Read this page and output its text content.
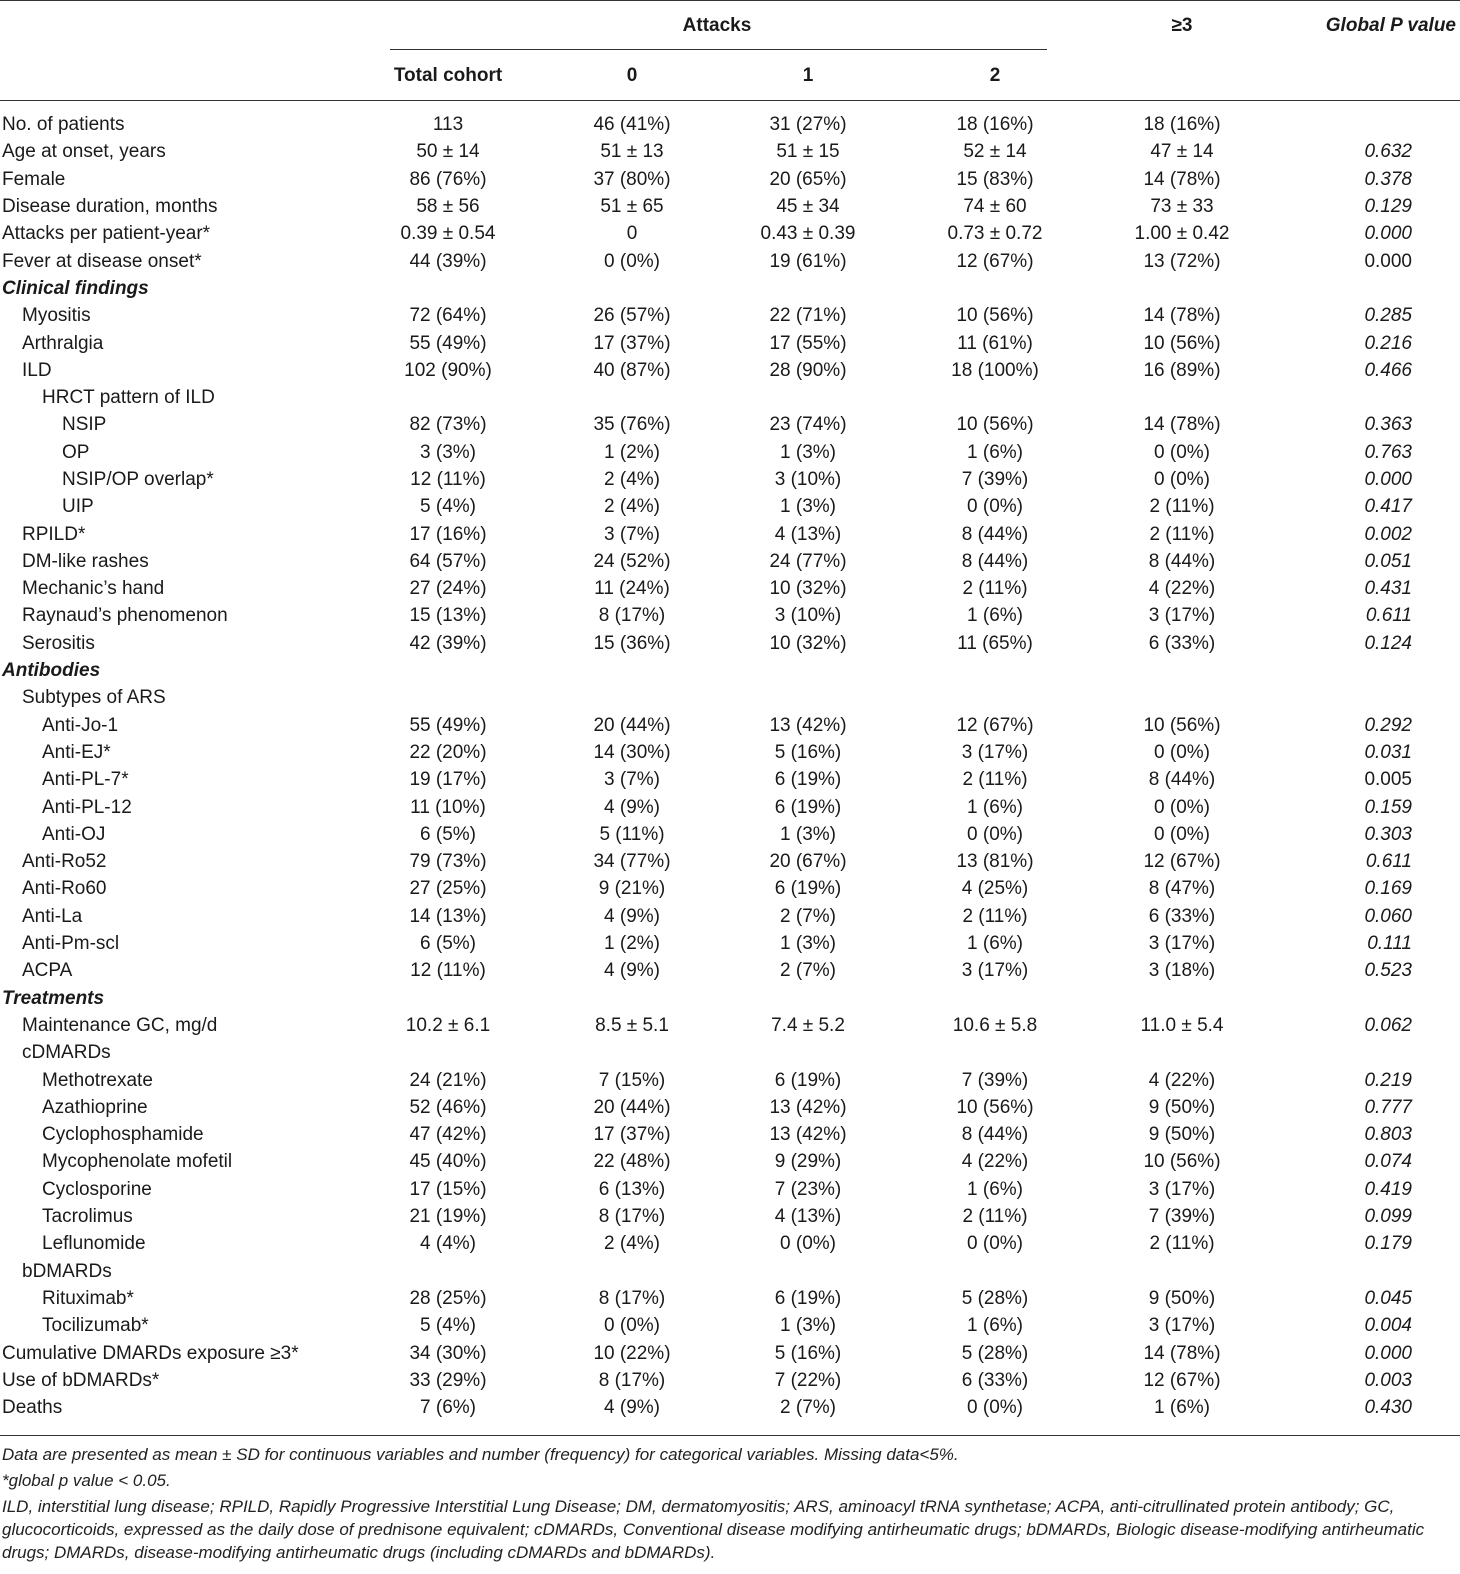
Attacks	≥3	Global P value
Total cohort	0	1	2
No. of patients	113	46 (41%)	31 (27%)	18 (16%)	18 (16%)	
Age at onset, years	50 ± 14	51 ± 13	51 ± 15	52 ± 14	47 ± 14	0.632
Female	86 (76%)	37 (80%)	20 (65%)	15 (83%)	14 (78%)	0.378
Disease duration, months	58 ± 56	51 ± 65	45 ± 34	74 ± 60	73 ± 33	0.129
Attacks per patient-year*	0.39 ± 0.54	0	0.43 ± 0.39	0.73 ± 0.72	1.00 ± 0.42	0.000
Fever at disease onset*	44 (39%)	0 (0%)	19 (61%)	12 (67%)	13 (72%)	0.000
Clinical findings						
Myositis	72 (64%)	26 (57%)	22 (71%)	10 (56%)	14 (78%)	0.285
Arthralgia	55 (49%)	17 (37%)	17 (55%)	11 (61%)	10 (56%)	0.216
ILD	102 (90%)	40 (87%)	28 (90%)	18 (100%)	16 (89%)	0.466
HRCT pattern of ILD						
NSIP	82 (73%)	35 (76%)	23 (74%)	10 (56%)	14 (78%)	0.363
OP	3 (3%)	1 (2%)	1 (3%)	1 (6%)	0 (0%)	0.763
NSIP/OP overlap*	12 (11%)	2 (4%)	3 (10%)	7 (39%)	0 (0%)	0.000
UIP	5 (4%)	2 (4%)	1 (3%)	0 (0%)	2 (11%)	0.417
RPILD*	17 (16%)	3 (7%)	4 (13%)	8 (44%)	2 (11%)	0.002
DM-like rashes	64 (57%)	24 (52%)	24 (77%)	8 (44%)	8 (44%)	0.051
Mechanic’s hand	27 (24%)	11 (24%)	10 (32%)	2 (11%)	4 (22%)	0.431
Raynaud’s phenomenon	15 (13%)	8 (17%)	3 (10%)	1 (6%)	3 (17%)	0.611
Serositis	42 (39%)	15 (36%)	10 (32%)	11 (65%)	6 (33%)	0.124
Antibodies						
Subtypes of ARS						
Anti-Jo-1	55 (49%)	20 (44%)	13 (42%)	12 (67%)	10 (56%)	0.292
Anti-EJ*	22 (20%)	14 (30%)	5 (16%)	3 (17%)	0 (0%)	0.031
Anti-PL-7*	19 (17%)	3 (7%)	6 (19%)	2 (11%)	8 (44%)	0.005
Anti-PL-12	11 (10%)	4 (9%)	6 (19%)	1 (6%)	0 (0%)	0.159
Anti-OJ	6 (5%)	5 (11%)	1 (3%)	0 (0%)	0 (0%)	0.303
Anti-Ro52	79 (73%)	34 (77%)	20 (67%)	13 (81%)	12 (67%)	0.611
Anti-Ro60	27 (25%)	9 (21%)	6 (19%)	4 (25%)	8 (47%)	0.169
Anti-La	14 (13%)	4 (9%)	2 (7%)	2 (11%)	6 (33%)	0.060
Anti-Pm-scl	6 (5%)	1 (2%)	1 (3%)	1 (6%)	3 (17%)	0.111
ACPA	12 (11%)	4 (9%)	2 (7%)	3 (17%)	3 (18%)	0.523
Treatments						
Maintenance GC, mg/d	10.2 ± 6.1	8.5 ± 5.1	7.4 ± 5.2	10.6 ± 5.8	11.0 ± 5.4	0.062
cDMARDs						
Methotrexate	24 (21%)	7 (15%)	6 (19%)	7 (39%)	4 (22%)	0.219
Azathioprine	52 (46%)	20 (44%)	13 (42%)	10 (56%)	9 (50%)	0.777
Cyclophosphamide	47 (42%)	17 (37%)	13 (42%)	8 (44%)	9 (50%)	0.803
Mycophenolate mofetil	45 (40%)	22 (48%)	9 (29%)	4 (22%)	10 (56%)	0.074
Cyclosporine	17 (15%)	6 (13%)	7 (23%)	1 (6%)	3 (17%)	0.419
Tacrolimus	21 (19%)	8 (17%)	4 (13%)	2 (11%)	7 (39%)	0.099
Leflunomide	4 (4%)	2 (4%)	0 (0%)	0 (0%)	2 (11%)	0.179
bDMARDs						
Rituximab*	28 (25%)	8 (17%)	6 (19%)	5 (28%)	9 (50%)	0.045
Tocilizumab*	5 (4%)	0 (0%)	1 (3%)	1 (6%)	3 (17%)	0.004
Cumulative DMARDs exposure ≥3*	34 (30%)	10 (22%)	5 (16%)	5 (28%)	14 (78%)	0.000
Use of bDMARDs*	33 (29%)	8 (17%)	7 (22%)	6 (33%)	12 (67%)	0.003
Deaths	7 (6%)	4 (9%)	2 (7%)	0 (0%)	1 (6%)	0.430
Data are presented as mean ± SD for continuous variables and number (frequency) for categorical variables. Missing data<5%.
*global p value < 0.05.
ILD, interstitial lung disease; RPILD, Rapidly Progressive Interstitial Lung Disease; DM, dermatomyositis; ARS, aminoacyl tRNA synthetase; ACPA, anti-citrullinated protein antibody; GC, glucocorticoids, expressed as the daily dose of prednisone equivalent; cDMARDs, Conventional disease modifying antirheumatic drugs; bDMARDs, Biologic disease-modifying antirheumatic drugs; DMARDs, disease-modifying antirheumatic drugs (including cDMARDs and bDMARDs).
